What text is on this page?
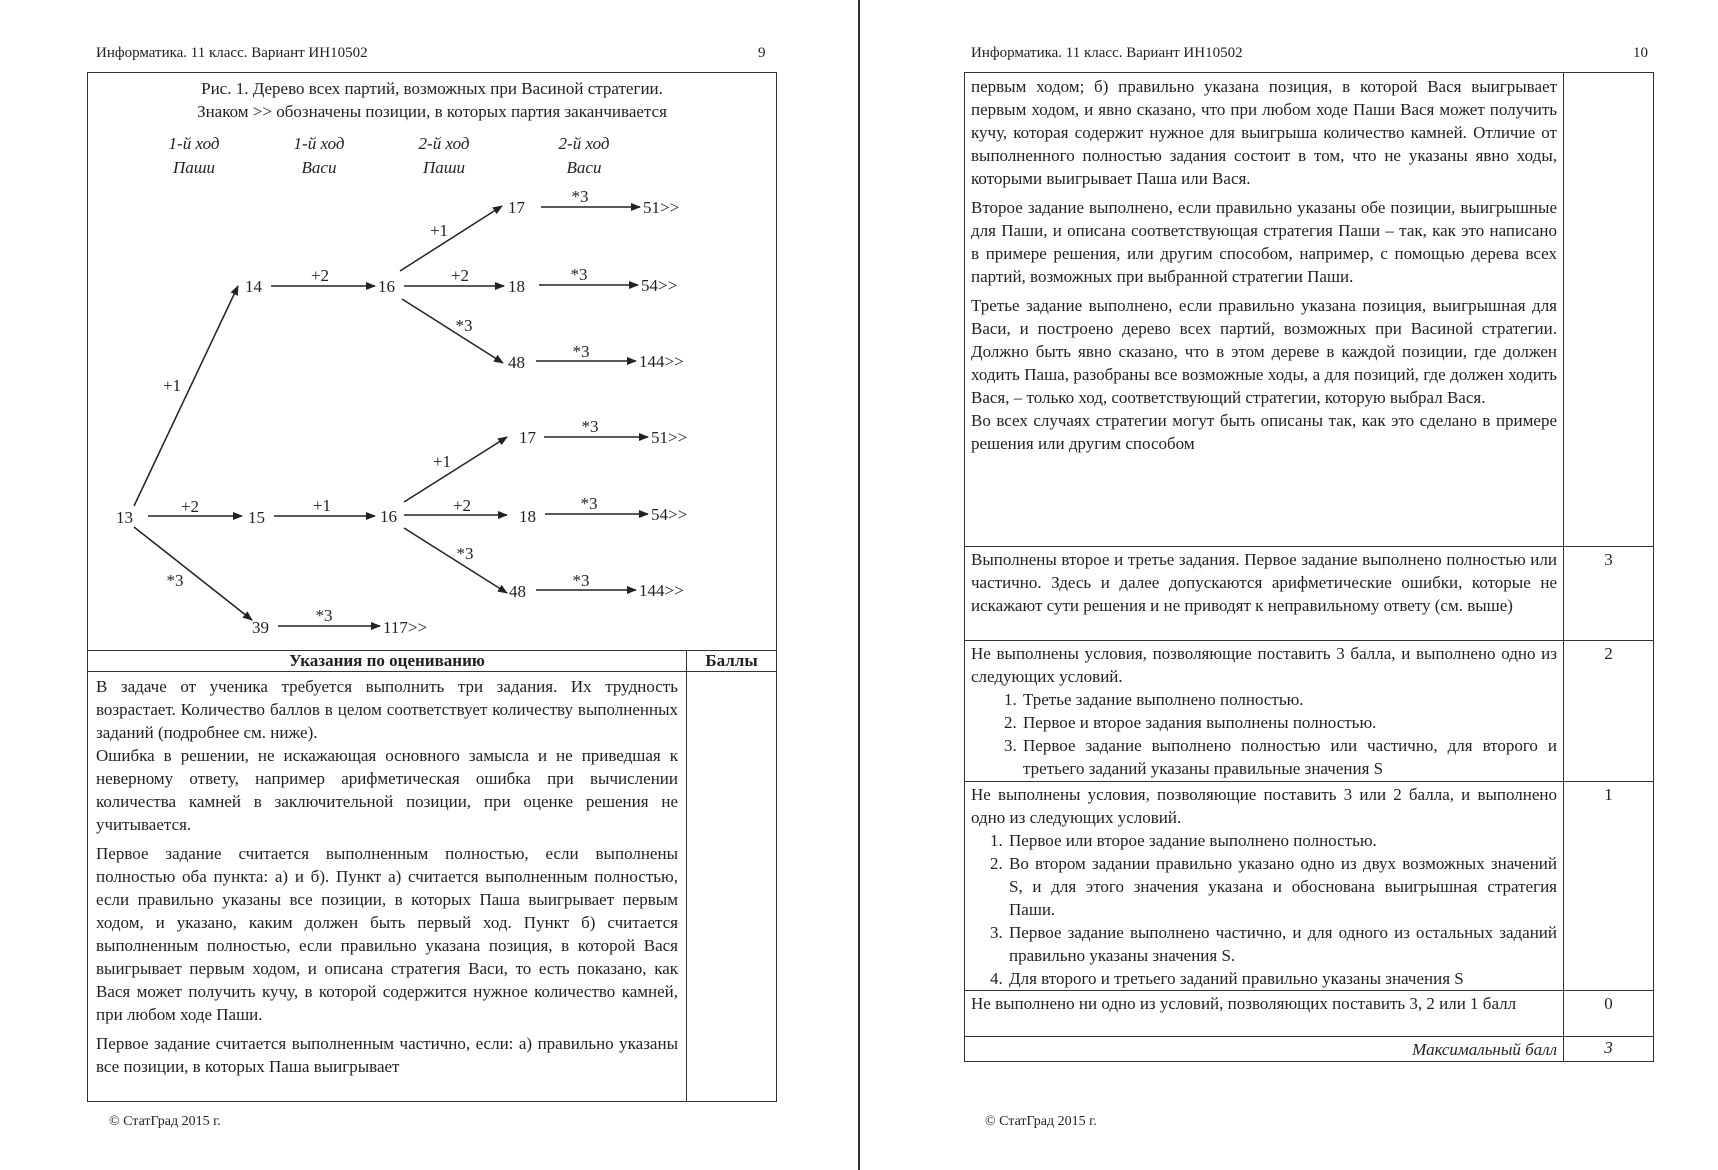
Информатика. 11 класс. Вариант ИН10502	9
Рис. 1. Дерево всех партий, возможных при Васиной стратегии.
Знаком >> обозначены позиции, в которых партия заканчивается
1-й ход
Паши
1-й ход
Васи
2-й ход
Паши
2-й ход
Васи
13
14	16
17	51>>
18	54>>
48	144>>
15	16
17	51>>
18	54>>
48	144>>
39	117>>
+1
+2
+1
*3
+2	*3
*3
*3
+2	+1
+1
*3
+2	*3
*3
*3
*3
*3
Указания по оцениванию	Баллы

В задаче от ученика требуется выполнить три задания. Их трудность возрастает. Количество баллов в целом соответствует количеству выполненных заданий (подробнее см. ниже).

Ошибка в решении, не искажающая основного замысла и не приведшая к неверному ответу, например арифметическая ошибка при вычислении количества камней в заключительной позиции, при оценке решения не учитывается.

Первое задание считается выполненным полностью, если выполнены полностью оба пункта: а) и б). Пункт а) считается выполненным полностью, если правильно указаны все позиции, в которых Паша выигрывает первым ходом, и указано, каким должен быть первый ход. Пункт б) считается выполненным полностью, если правильно указана позиция, в которой Вася выигрывает первым ходом, и описана стратегия Васи, то есть показано, как Вася может получить кучу, в которой содержится нужное количество камней, при любом ходе Паши.

Первое задание считается выполненным частично, если: а) правильно указаны все позиции, в которых Паша выигрывает

© СтатГрад 2015 г.
Информатика. 11 класс. Вариант ИН10502	10

первым ходом; б) правильно указана позиция, в которой Вася выигрывает первым ходом, и явно сказано, что при любом ходе Паши Вася может получить кучу, которая содержит нужное для выигрыша количество камней. Отличие от выполненного полностью задания состоит в том, что не указаны явно ходы, которыми выигрывает Паша или Вася.

Второе задание выполнено, если правильно указаны обе позиции, выигрышные для Паши, и описана соответствующая стратегия Паши – так, как это написано в примере решения, или другим способом, например, с помощью дерева всех партий, возможных при выбранной стратегии Паши.

Третье задание выполнено, если правильно указана позиция, выигрышная для Васи, и построено дерево всех партий, возможных при Васиной стратегии. Должно быть явно сказано, что в этом дереве в каждой позиции, где должен ходить Паша, разобраны все возможные ходы, а для позиций, где должен ходить Вася, – только ход, соответствующий стратегии, которую выбрал Вася.

Во всех случаях стратегии могут быть описаны так, как это сделано в примере решения или другим способом

Выполнены второе и третье задания. Первое задание выполнено полностью или частично. Здесь и далее допускаются арифметические ошибки, которые не искажают сути решения и не приводят к неправильному ответу (см. выше)
3

Не выполнены условия, позволяющие поставить 3 балла, и выполнено одно из следующих условий.

1. Третье задание выполнено полностью.
2. Первое и второе задания выполнены полностью.
3. Первое задание выполнено полностью или частично, для второго и третьего заданий указаны правильные значения S
2

Не выполнены условия, позволяющие поставить 3 или 2 балла, и выполнено одно из следующих условий.

1. Первое или второе задание выполнено полностью.
2. Во втором задании правильно указано одно из двух возможных значений S, и для этого значения указана и обоснована выигрышная стратегия Паши.
3. Первое задание выполнено частично, и для одного из остальных заданий правильно указаны значения S.
4. Для второго и третьего заданий правильно указаны значения S
1
Не выполнено ни одно из условий, позволяющих поставить 3, 2 или 1 балл	0
Максимальный балл	3
© СтатГрад 2015 г.
